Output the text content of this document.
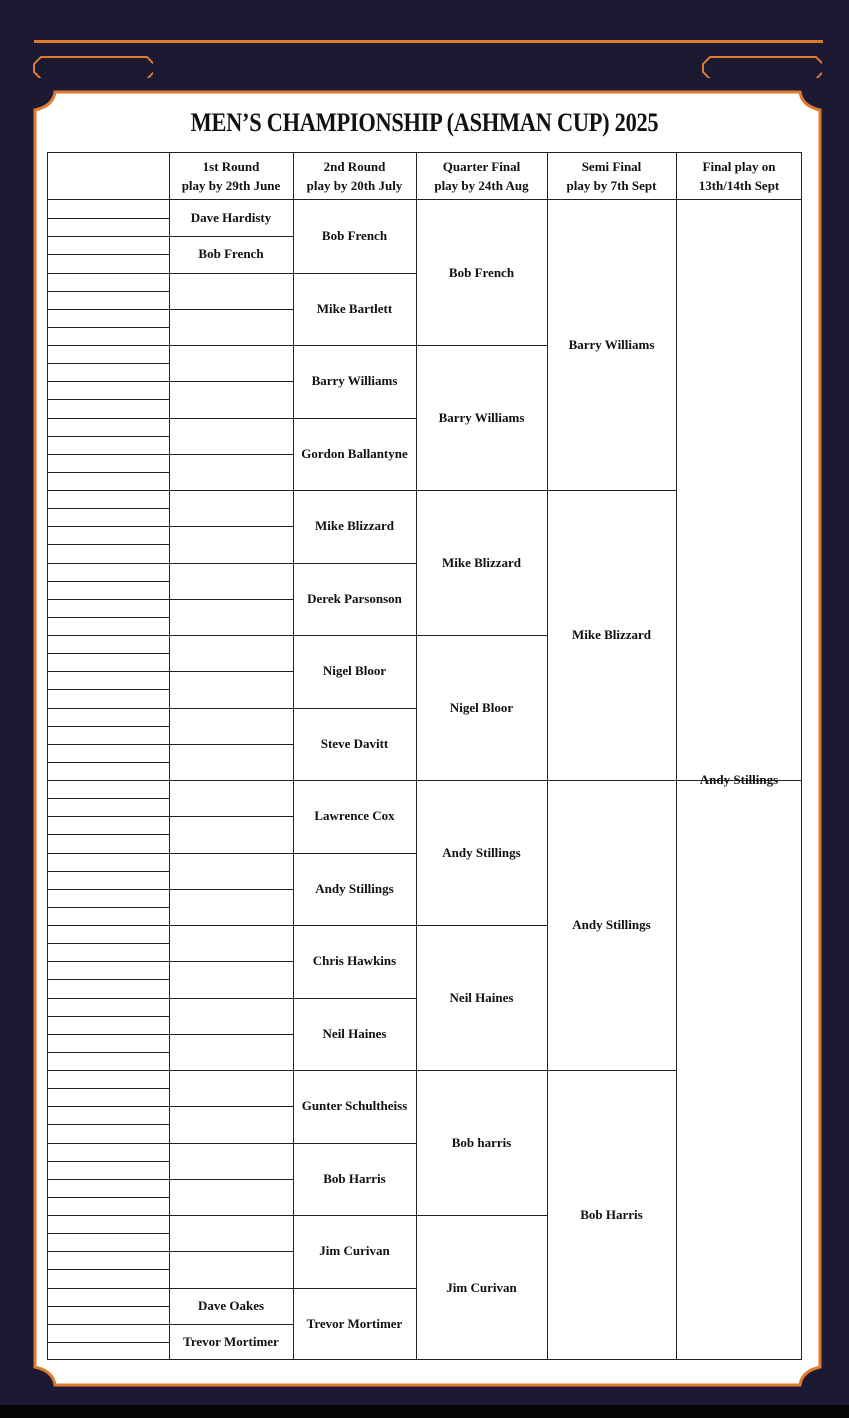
MEN’S CHAMPIONSHIP (ASHMAN CUP) 2025
1st Round
play by 29th June
2nd Round
play by 20th July
Quarter Final
play by 24th Aug
Semi Final
play by 7th Sept
Final play on
13th/14th Sept
Dave Hardisty
Bob French
Dave Oakes
Trevor Mortimer
Bob French
Mike Bartlett
Barry Williams
Gordon Ballantyne
Mike Blizzard
Derek Parsonson
Nigel Bloor
Steve Davitt
Lawrence Cox
Andy Stillings
Chris Hawkins
Neil Haines
Gunter Schultheiss
Bob Harris
Jim Curivan
Trevor Mortimer
Bob French
Barry Williams
Mike Blizzard
Nigel Bloor
Andy Stillings
Neil Haines
Bob harris
Jim Curivan
Barry Williams
Mike Blizzard
Andy Stillings
Bob Harris
Andy Stillings
